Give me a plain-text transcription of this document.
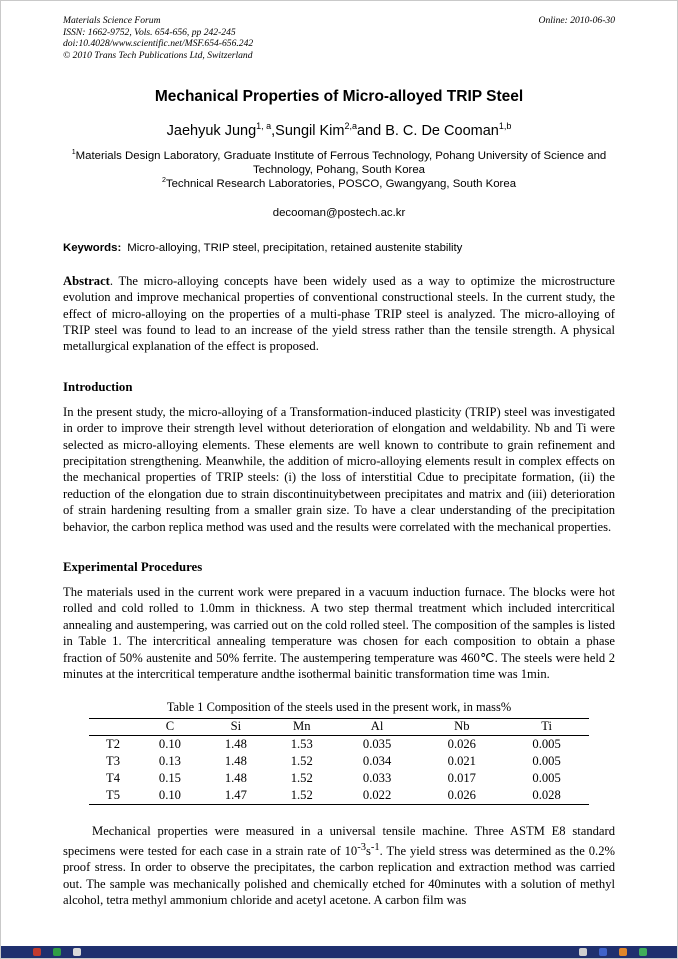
Materials Science Forum
ISSN: 1662-9752, Vols. 654-656, pp 242-245
doi:10.4028/www.scientific.net/MSF.654-656.242
© 2010 Trans Tech Publications Ltd, Switzerland
Online: 2010-06-30
Mechanical Properties of Micro-alloyed TRIP Steel
Jaehyuk Jung$^{1, a}$,Sungil Kim$^{2,a}$and B. C. De Cooman$^{1,b}$
$^1$Materials Design Laboratory, Graduate Institute of Ferrous Technology, Pohang University of Science and Technology, Pohang, South Korea
$^2$Technical Research Laboratories, POSCO, Gwangyang, South Korea
decooman@postech.ac.kr
Keywords: Micro-alloying, TRIP steel, precipitation, retained austenite stability

Abstract. The micro-alloying concepts have been widely used as a way to optimize the microstructure evolution and improve mechanical properties of conventional constructional steels. In the current study, the effect of micro-alloying on the properties of a multi-phase TRIP steel is analyzed. The micro-alloying of TRIP steel was found to lead to an increase of the yield stress rather than the tensile strength. A physical metallurgical explanation of the effect is proposed.

Introduction

In the present study, the micro-alloying of a Transformation-induced plasticity (TRIP) steel was investigated in order to improve their strength level without deterioration of elongation and weldability. Nb and Ti were selected as micro-alloying elements. These elements are well known to contribute to grain refinement and precipitation strengthening. Meanwhile, the addition of micro-alloying elements result in complex effects on the mechanical properties of TRIP steels: (i) the loss of interstitial Cdue to precipitate formation, (ii) the reduction of the elongation due to strain discontinuitybetween precipitates and matrix and (iii) deterioration of strain hardening resulting from a smaller grain size. To have a clear understanding of the precipitation behavior, the carbon replica method was used and the results were correlated with the mechanical properties.

Experimental Procedures

The materials used in the current work were prepared in a vacuum induction furnace. The blocks were hot rolled and cold rolled to 1.0mm in thickness. A two step thermal treatment which included intercritical annealing and austempering, was carried out on the cold rolled steel. The composition of the samples is listed in Table 1. The intercritical annealing temperature was chosen for each composition to obtain a phase fraction of 50% austenite and 50% ferrite. The austempering temperature was 460℃. The steels were held 2 minutes at the intercritical temperature andthe isothermal bainitic transformation time was 1min.

Table 1 Composition of the steels used in the present work, in mass%
	C	Si	Mn	Al	Nb	Ti
T2	0.10	1.48	1.53	0.035	0.026	0.005
T3	0.13	1.48	1.52	0.034	0.021	0.005
T4	0.15	1.48	1.52	0.033	0.017	0.005
T5	0.10	1.47	1.52	0.022	0.026	0.028

Mechanical properties were measured in a universal tensile machine. Three ASTM E8 standard specimens were tested for each case in a strain rate of $10^{-3}s^{-1}$. The yield stress was determined as the 0.2% proof stress. In order to observe the precipitates, the carbon replication and extraction method was carried out. The sample was mechanically polished and chemically etched for 40minutes with a solution of methyl alcohol, tetra methyl ammonium chloride and acetyl acetone. A carbon film was
